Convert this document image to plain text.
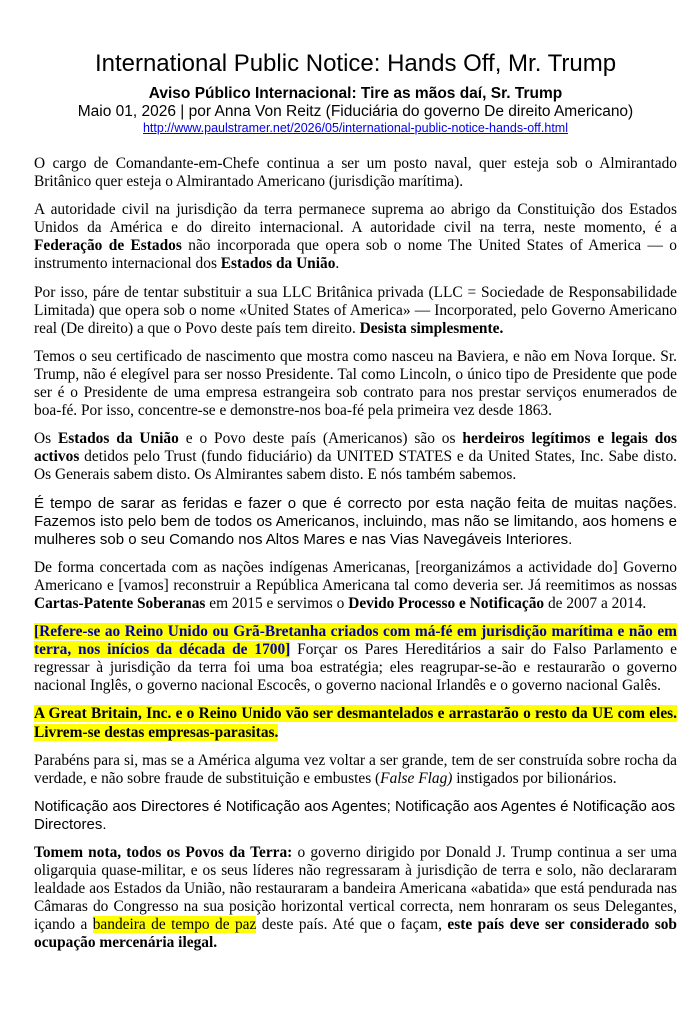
International Public Notice: Hands Off, Mr. Trump
Aviso Público Internacional: Tire as mãos daí, Sr. Trump
Maio 01, 2026 | por Anna Von Reitz (Fiduciária do governo De direito Americano)
http://www.paulstramer.net/2026/05/international-public-notice-hands-off.html

O cargo de Comandante-em-Chefe continua a ser um posto naval, quer esteja sob o Almirantado Britânico quer esteja o Almirantado Americano (jurisdição marítima).

A autoridade civil na jurisdição da terra permanece suprema ao abrigo da Constituição dos Estados Unidos da América e do direito internacional. A autoridade civil na terra, neste momento, é a Federação de Estados não incorporada que opera sob o nome The United States of America — o instrumento internacional dos Estados da União.

Por isso, páre de tentar substituir a sua LLC Britânica privada (LLC = Sociedade de Responsabilidade Limitada) que opera sob o nome «United States of America» — Incorporated, pelo Governo Americano real (De direito) a que o Povo deste país tem direito. Desista simplesmente.

Temos o seu certificado de nascimento que mostra como nasceu na Baviera, e não em Nova Iorque. Sr. Trump, não é elegível para ser nosso Presidente. Tal como Lincoln, o único tipo de Presidente que pode ser é o Presidente de uma empresa estrangeira sob contrato para nos prestar serviços enumerados de boa-fé. Por isso, concentre-se e demonstre-nos boa-fé pela primeira vez desde 1863.

Os Estados da União e o Povo deste país (Americanos) são os herdeiros legítimos e legais dos activos detidos pelo Trust (fundo fiduciário) da UNITED STATES e da United States, Inc. Sabe disto. Os Generais sabem disto. Os Almirantes sabem disto. E nós também sabemos.

É tempo de sarar as feridas e fazer o que é correcto por esta nação feita de muitas nações. Fazemos isto pelo bem de todos os Americanos, incluindo, mas não se limitando, aos homens e mulheres sob o seu Comando nos Altos Mares e nas Vias Navegáveis Interiores.

De forma concertada com as nações indígenas Americanas, [reorganizámos a actividade do] Governo Americano e [vamos] reconstruir a República Americana tal como deveria ser. Já reemitimos as nossas Cartas-Patente Soberanas em 2015 e servimos o Devido Processo e Notificação de 2007 a 2014.

[Refere-se ao Reino Unido ou Grã-Bretanha criados com má-fé em jurisdição marítima e não em terra, nos inícios da década de 1700] Forçar os Pares Hereditários a sair do Falso Parlamento e regressar à jurisdição da terra foi uma boa estratégia; eles reagrupar-se-ão e restaurarão o governo nacional Inglês, o governo nacional Escocês, o governo nacional Irlandês e o governo nacional Galês.

A Great Britain, Inc. e o Reino Unido vão ser desmantelados e arrastarão o resto da UE com eles. Livrem-se destas empresas-parasitas.

Parabéns para si, mas se a América alguma vez voltar a ser grande, tem de ser construída sobre rocha da verdade, e não sobre fraude de substituição e embustes (False Flag) instigados por bilionários.

Notificação aos Directores é Notificação aos Agentes; Notificação aos Agentes é Notificação aos Directores.

Tomem nota, todos os Povos da Terra: o governo dirigido por Donald J. Trump continua a ser uma oligarquia quase-militar, e os seus líderes não regressaram à jurisdição de terra e solo, não declararam lealdade aos Estados da União, não restauraram a bandeira Americana «abatida» que está pendurada nas Câmaras do Congresso na sua posição horizontal vertical correcta, nem honraram os seus Delegantes, içando a bandeira de tempo de paz deste país. Até que o façam, este país deve ser considerado sob ocupação mercenária ilegal.
